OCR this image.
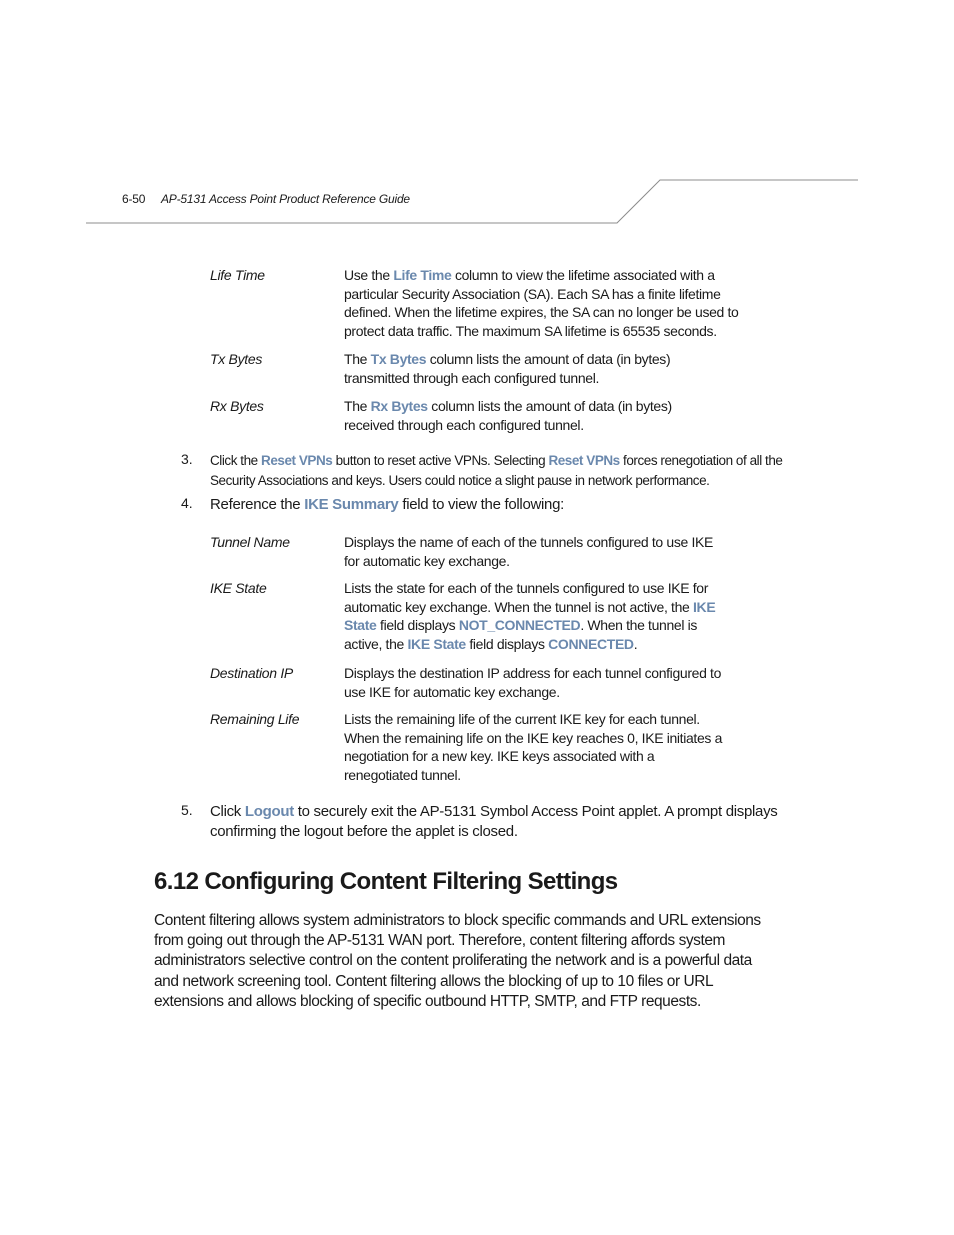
6-50 AP-5131 Access Point Product Reference Guide
Life Time	Use the Life Time column to view the lifetime associated with a particular Security Association (SA). Each SA has a finite lifetime defined. When the lifetime expires, the SA can no longer be used to protect data traffic. The maximum SA lifetime is 65535 seconds.
Tx Bytes	The Tx Bytes column lists the amount of data (in bytes) transmitted through each configured tunnel.
Rx Bytes	The Rx Bytes column lists the amount of data (in bytes) received through each configured tunnel.
3. Click the Reset VPNs button to reset active VPNs. Selecting Reset VPNs forces renegotiation of all the Security Associations and keys. Users could notice a slight pause in network performance.
4. Reference the IKE Summary field to view the following:
Tunnel Name	Displays the name of each of the tunnels configured to use IKE for automatic key exchange.
IKE State	Lists the state for each of the tunnels configured to use IKE for automatic key exchange. When the tunnel is not active, the IKE State field displays NOT_CONNECTED. When the tunnel is active, the IKE State field displays CONNECTED.
Destination IP	Displays the destination IP address for each tunnel configured to use IKE for automatic key exchange.
Remaining Life	Lists the remaining life of the current IKE key for each tunnel. When the remaining life on the IKE key reaches 0, IKE initiates a negotiation for a new key. IKE keys associated with a renegotiated tunnel.
5. Click Logout to securely exit the AP-5131 Symbol Access Point applet. A prompt displays confirming the logout before the applet is closed.
6.12 Configuring Content Filtering Settings
Content filtering allows system administrators to block specific commands and URL extensions from going out through the AP-5131 WAN port. Therefore, content filtering affords system administrators selective control on the content proliferating the network and is a powerful data and network screening tool. Content filtering allows the blocking of up to 10 files or URL extensions and allows blocking of specific outbound HTTP, SMTP, and FTP requests.
